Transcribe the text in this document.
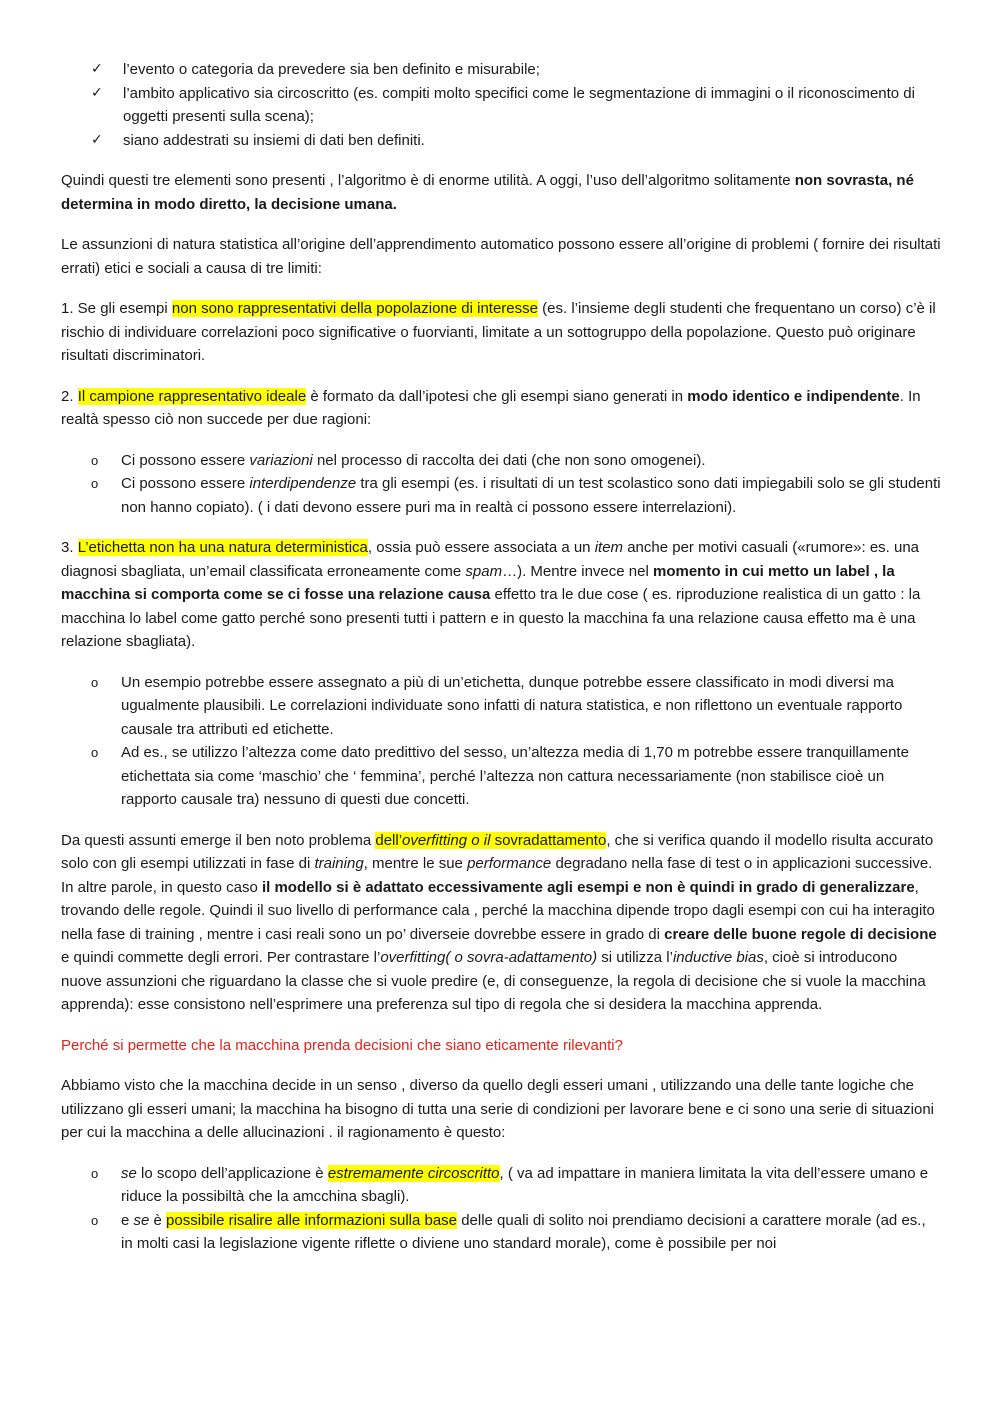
✓ l’evento o categoria da prevedere sia ben definito e misurabile;
✓ l’ambito applicativo sia circoscritto (es. compiti molto specifici come le segmentazione di immagini o il riconoscimento di oggetti presenti sulla scena);
✓ siano addestrati su insiemi di dati ben definiti.

Quindi questi tre elementi sono presenti , l’algoritmo è di enorme utilità. A oggi, l’uso dell’algoritmo solitamente non sovrasta, né determina in modo diretto, la decisione umana.

Le assunzioni di natura statistica all’origine dell’apprendimento automatico possono essere all’origine di problemi ( fornire dei risultati errati) etici e sociali a causa di tre limiti:

1. Se gli esempi non sono rappresentativi della popolazione di interesse (es. l’insieme degli studenti che frequentano un corso) c’è il rischio di individuare correlazioni poco significative o fuorvianti, limitate a un sottogruppo della popolazione. Questo può originare risultati discriminatori.

2. Il campione rappresentativo ideale è formato da dall’ipotesi che gli esempi siano generati in modo identico e indipendente. In realtà spesso ciò non succede per due ragioni:

o Ci possono essere variazioni nel processo di raccolta dei dati (che non sono omogenei).
o Ci possono essere interdipendenze tra gli esempi (es. i risultati di un test scolastico sono dati impiegabili solo se gli studenti non hanno copiato). ( i dati devono essere puri ma in realtà ci possono essere interrelazioni).

3. L’etichetta non ha una natura deterministica, ossia può essere associata a un item anche per motivi casuali («rumore»: es. una diagnosi sbagliata, un’email classificata erroneamente come spam…). Mentre invece nel momento in cui metto un label , la macchina si comporta come se ci fosse una relazione causa effetto tra le due cose ( es. riproduzione realistica di un gatto : la macchina lo label come gatto perché sono presenti tutti i pattern e in questo la macchina fa una relazione causa effetto ma è una relazione sbagliata).

o Un esempio potrebbe essere assegnato a più di un’etichetta, dunque potrebbe essere classificato in modi diversi ma ugualmente plausibili. Le correlazioni individuate sono infatti di natura statistica, e non riflettono un eventuale rapporto causale tra attributi ed etichette.
o Ad es., se utilizzo l’altezza come dato predittivo del sesso, un’altezza media di 1,70 m potrebbe essere tranquillamente etichettata sia come ‘maschio’ che ‘ femmina’, perché l’altezza non cattura necessariamente (non stabilisce cioè un rapporto causale tra) nessuno di questi due concetti.

Da questi assunti emerge il ben noto problema dell’overfitting o il sovradattamento, che si verifica quando il modello risulta accurato solo con gli esempi utilizzati in fase di training, mentre le sue performance degradano nella fase di test o in applicazioni successive. In altre parole, in questo caso il modello si è adattato eccessivamente agli esempi e non è quindi in grado di generalizzare, trovando delle regole. Quindi il suo livello di performance cala , perché la macchina dipende tropo dagli esempi con cui ha interagito nella fase di training , mentre i casi reali sono un po’ diverseie dovrebbe essere in grado di creare delle buone regole di decisione e quindi commette degli errori. Per contrastare l’overfitting( o sovra-adattamento) si utilizza l’inductive bias, cioè si introducono nuove assunzioni che riguardano la classe che si vuole predire (e, di conseguenze, la regola di decisione che si vuole la macchina apprenda): esse consistono nell’esprimere una preferenza sul tipo di regola che si desidera la macchina apprenda.

Perché si permette che la macchina prenda decisioni che siano eticamente rilevanti?

Abbiamo visto che la macchina decide in un senso , diverso da quello degli esseri umani , utilizzando una delle tante logiche che utilizzano gli esseri umani; la macchina ha bisogno di tutta una serie di condizioni per lavorare bene e ci sono una serie di situazioni per cui la macchina a delle allucinazioni . il ragionamento è questo:

o se lo scopo dell’applicazione è estremamente circoscritto, ( va ad impattare in maniera limitata la vita dell’essere umano e riduce la possibiltà che la amcchina sbagli).
o e se è possibile risalire alle informazioni sulla base delle quali di solito noi prendiamo decisioni a carattere morale (ad es., in molti casi la legislazione vigente riflette o diviene uno standard morale), come è possibile per noi
